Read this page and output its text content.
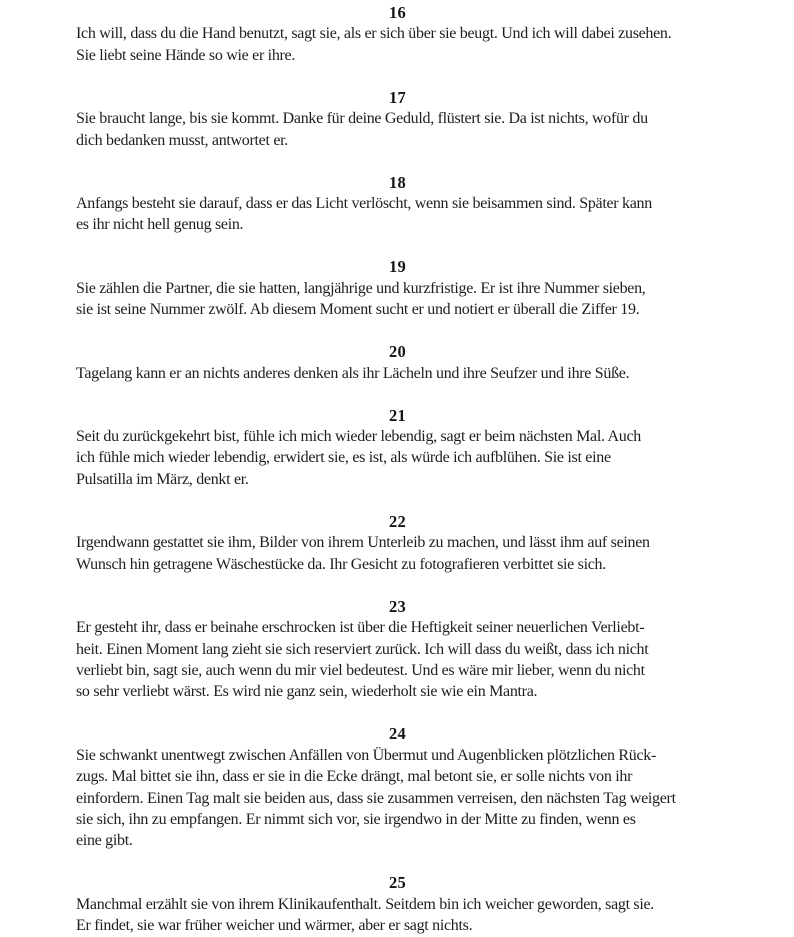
16
Ich will, dass du die Hand benutzt, sagt sie, als er sich über sie beugt. Und ich will dabei zusehen.
Sie liebt seine Hände so wie er ihre.
17
Sie braucht lange, bis sie kommt. Danke für deine Geduld, flüstert sie. Da ist nichts, wofür du
dich bedanken musst, antwortet er.
18
Anfangs besteht sie darauf, dass er das Licht verlöscht, wenn sie beisammen sind. Später kann
es ihr nicht hell genug sein.
19
Sie zählen die Partner, die sie hatten, langjährige und kurzfristige. Er ist ihre Nummer sieben,
sie ist seine Nummer zwölf. Ab diesem Moment sucht er und notiert er überall die Ziffer 19.
20
Tagelang kann er an nichts anderes denken als ihr Lächeln und ihre Seufzer und ihre Süße.
21
Seit du zurückgekehrt bist, fühle ich mich wieder lebendig, sagt er beim nächsten Mal. Auch
ich fühle mich wieder lebendig, erwidert sie, es ist, als würde ich aufblühen. Sie ist eine
Pulsatilla im März, denkt er.
22
Irgendwann gestattet sie ihm, Bilder von ihrem Unterleib zu machen, und lässt ihm auf seinen
Wunsch hin getragene Wäschestücke da. Ihr Gesicht zu fotografieren verbittet sie sich.
23
Er gesteht ihr, dass er beinahe erschrocken ist über die Heftigkeit seiner neuerlichen Verliebt-
heit. Einen Moment lang zieht sie sich reserviert zurück. Ich will dass du weißt, dass ich nicht
verliebt bin, sagt sie, auch wenn du mir viel bedeutest. Und es wäre mir lieber, wenn du nicht
so sehr verliebt wärst. Es wird nie ganz sein, wiederholt sie wie ein Mantra.
24
Sie schwankt unentwegt zwischen Anfällen von Übermut und Augenblicken plötzlichen Rück-
zugs. Mal bittet sie ihn, dass er sie in die Ecke drängt, mal betont sie, er solle nichts von ihr
einfordern. Einen Tag malt sie beiden aus, dass sie zusammen verreisen, den nächsten Tag weigert
sie sich, ihn zu empfangen. Er nimmt sich vor, sie irgendwo in der Mitte zu finden, wenn es
eine gibt.
25
Manchmal erzählt sie von ihrem Klinikaufenthalt. Seitdem bin ich weicher geworden, sagt sie.
Er findet, sie war früher weicher und wärmer, aber er sagt nichts.
